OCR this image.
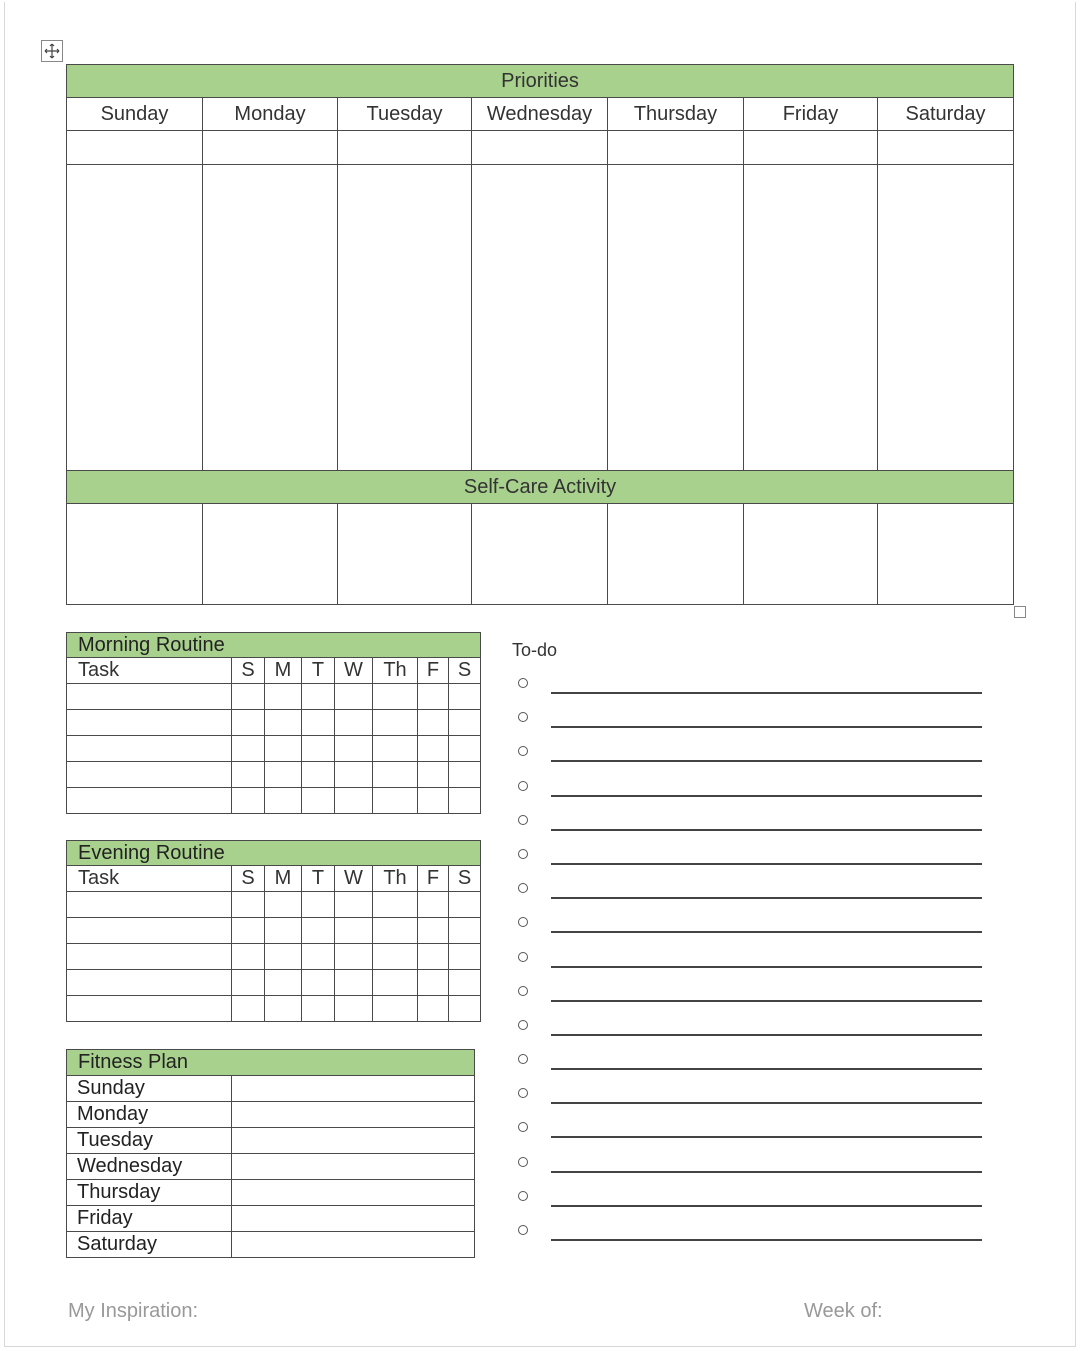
Priorities						
Sunday	Monday	Tuesday	Wednesday	Thursday	Friday	Saturday

Self-Care Activity						

Morning Routine							
Task	S	M	T	W	Th	F	S

Evening Routine							
Task	S	M	T	W	Th	F	S

Fitness Plan	
Sunday	
Monday	
Tuesday	
Wednesday	
Thursday	
Friday	
Saturday	
To-do
My Inspiration:	Week of:
